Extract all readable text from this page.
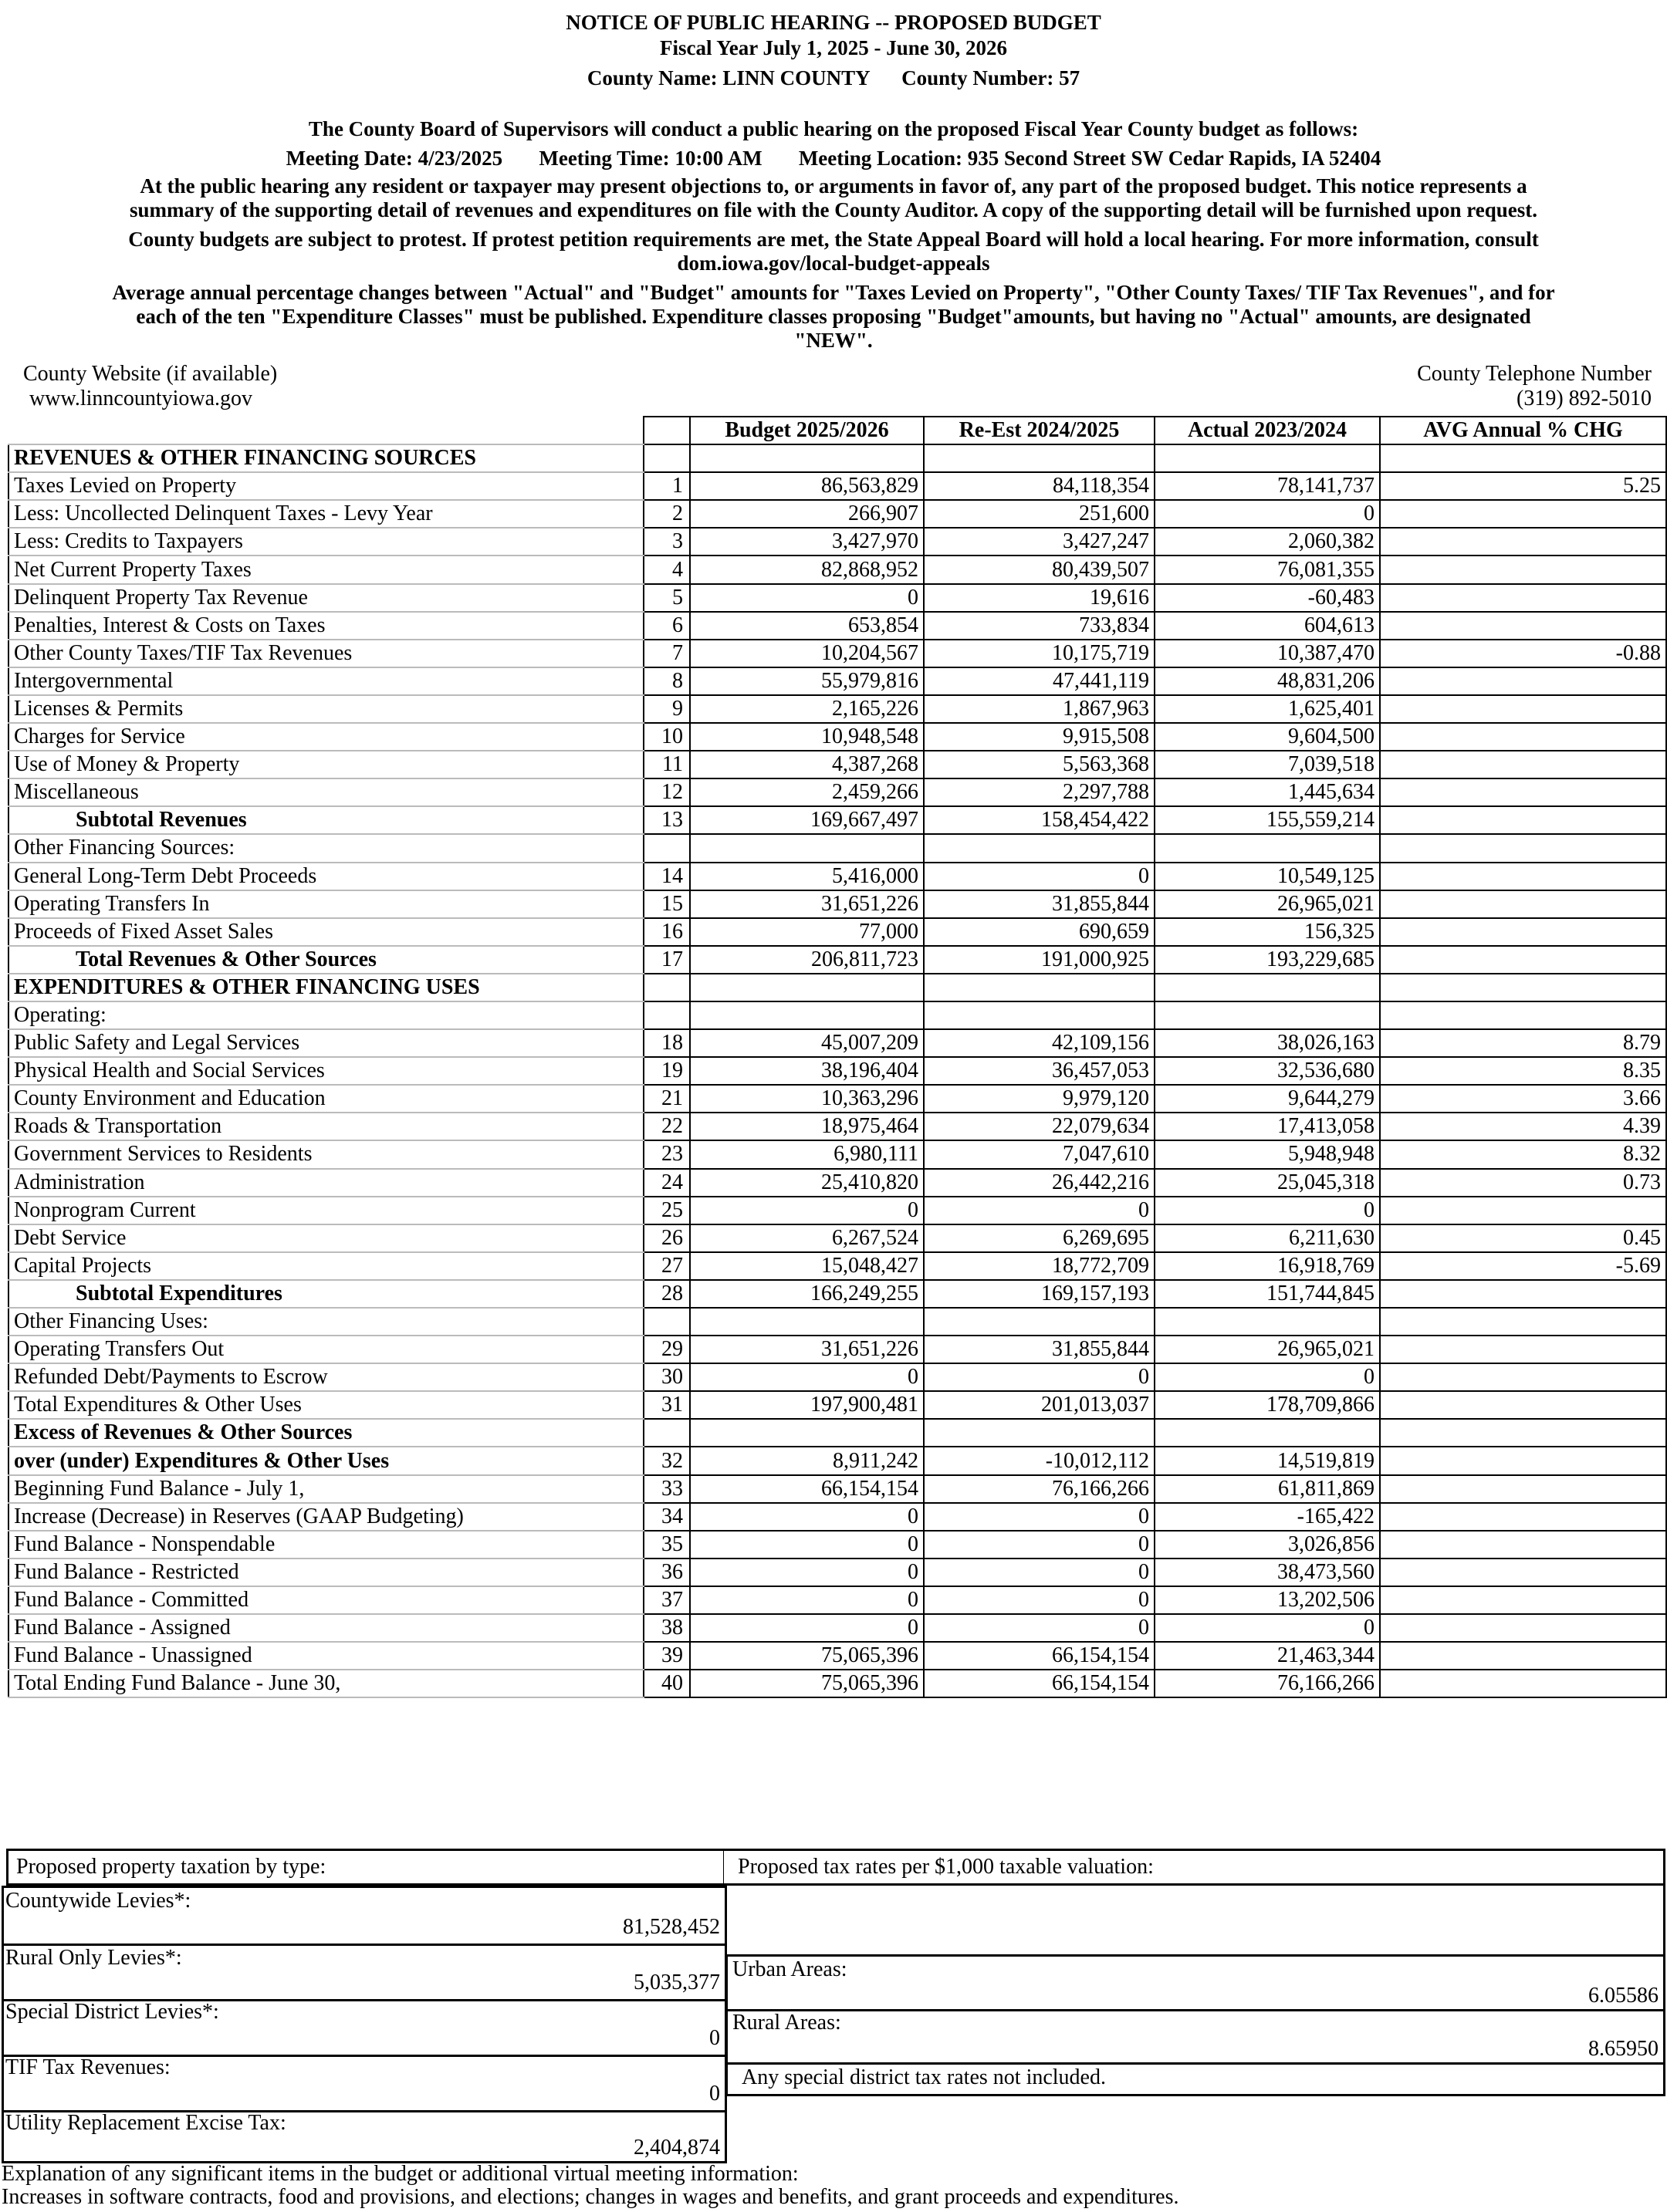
NOTICE OF PUBLIC HEARING -- PROPOSED BUDGET
Fiscal Year July 1, 2025 - June 30, 2026
County Name: LINN COUNTY County Number: 57
The County Board of Supervisors will conduct a public hearing on the proposed Fiscal Year County budget as follows:
Meeting Date: 4/23/2025 Meeting Time: 10:00 AM Meeting Location: 935 Second Street SW Cedar Rapids, IA 52404
At the public hearing any resident or taxpayer may present objections to, or arguments in favor of, any part of the proposed budget. This notice represents a
summary of the supporting detail of revenues and expenditures on file with the County Auditor. A copy of the supporting detail will be furnished upon request.
County budgets are subject to protest. If protest petition requirements are met, the State Appeal Board will hold a local hearing. For more information, consult
dom.iowa.gov/local-budget-appeals
Average annual percentage changes between "Actual" and "Budget" amounts for "Taxes Levied on Property", "Other County Taxes/ TIF Tax Revenues", and for
each of the ten "Expenditure Classes" must be published. Expenditure classes proposing "Budget"amounts, but having no "Actual" amounts, are designated
"NEW".
County Website (if available)
www.linncountyiowa.gov
County Telephone Number
(319) 892-5010
		Budget 2025/2026	Re-Est 2024/2025	Actual 2023/2024	AVG Annual % CHG
REVENUES & OTHER FINANCING SOURCES					
Taxes Levied on Property	1	86,563,829	84,118,354	78,141,737	5.25
Less: Uncollected Delinquent Taxes - Levy Year	2	266,907	251,600	0	
Less: Credits to Taxpayers	3	3,427,970	3,427,247	2,060,382	
Net Current Property Taxes	4	82,868,952	80,439,507	76,081,355	
Delinquent Property Tax Revenue	5	0	19,616	-60,483	
Penalties, Interest & Costs on Taxes	6	653,854	733,834	604,613	
Other County Taxes/TIF Tax Revenues	7	10,204,567	10,175,719	10,387,470	-0.88
Intergovernmental	8	55,979,816	47,441,119	48,831,206	
Licenses & Permits	9	2,165,226	1,867,963	1,625,401	
Charges for Service	10	10,948,548	9,915,508	9,604,500	
Use of Money & Property	11	4,387,268	5,563,368	7,039,518	
Miscellaneous	12	2,459,266	2,297,788	1,445,634	
Subtotal Revenues	13	169,667,497	158,454,422	155,559,214	
Other Financing Sources:					
General Long-Term Debt Proceeds	14	5,416,000	0	10,549,125	
Operating Transfers In	15	31,651,226	31,855,844	26,965,021	
Proceeds of Fixed Asset Sales	16	77,000	690,659	156,325	
Total Revenues & Other Sources	17	206,811,723	191,000,925	193,229,685	
EXPENDITURES & OTHER FINANCING USES					
Operating:					
Public Safety and Legal Services	18	45,007,209	42,109,156	38,026,163	8.79
Physical Health and Social Services	19	38,196,404	36,457,053	32,536,680	8.35
County Environment and Education	21	10,363,296	9,979,120	9,644,279	3.66
Roads & Transportation	22	18,975,464	22,079,634	17,413,058	4.39
Government Services to Residents	23	6,980,111	7,047,610	5,948,948	8.32
Administration	24	25,410,820	26,442,216	25,045,318	0.73
Nonprogram Current	25	0	0	0	
Debt Service	26	6,267,524	6,269,695	6,211,630	0.45
Capital Projects	27	15,048,427	18,772,709	16,918,769	-5.69
Subtotal Expenditures	28	166,249,255	169,157,193	151,744,845	
Other Financing Uses:					
Operating Transfers Out	29	31,651,226	31,855,844	26,965,021	
Refunded Debt/Payments to Escrow	30	0	0	0	
Total Expenditures & Other Uses	31	197,900,481	201,013,037	178,709,866	
Excess of Revenues & Other Sources					
over (under) Expenditures & Other Uses	32	8,911,242	-10,012,112	14,519,819	
Beginning Fund Balance - July 1,	33	66,154,154	76,166,266	61,811,869	
Increase (Decrease) in Reserves (GAAP Budgeting)	34	0	0	-165,422	
Fund Balance - Nonspendable	35	0	0	3,026,856	
Fund Balance - Restricted	36	0	0	38,473,560	
Fund Balance - Committed	37	0	0	13,202,506	
Fund Balance - Assigned	38	0	0	0	
Fund Balance - Unassigned	39	75,065,396	66,154,154	21,463,344	
Total Ending Fund Balance - June 30,	40	75,065,396	66,154,154	76,166,266	
Proposed property taxation by type:	Proposed tax rates per $1,000 taxable valuation:
Countywide Levies*:
81,528,452
Rural Only Levies*:
5,035,377
Special District Levies*:
0
TIF Tax Revenues:
0
Utility Replacement Excise Tax:
2,404,874
Urban Areas:
6.05586
Rural Areas:
8.65950
Any special district tax rates not included.
Explanation of any significant items in the budget or additional virtual meeting information:
Increases in software contracts, food and provisions, and elections; changes in wages and benefits, and grant proceeds and expenditures.
